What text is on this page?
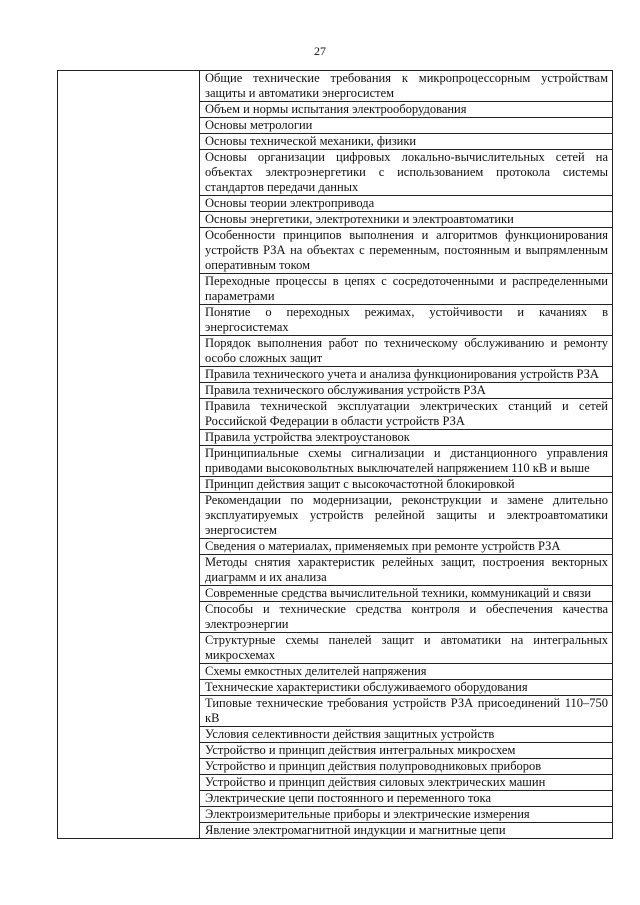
27
	Общие технические требования к микропроцессорным устройствам защиты и автоматики энергосистем
Объем и нормы испытания электрооборудования
Основы метрологии
Основы технической механики, физики
Основы организации цифровых локально-вычислительных сетей на объектах электроэнергетики с использованием протокола системы стандартов передачи данных
Основы теории электропривода
Основы энергетики, электротехники и электроавтоматики
Особенности принципов выполнения и алгоритмов функционирования устройств РЗА на объектах с переменным, постоянным и выпрямленным оперативным током
Переходные процессы в цепях с сосредоточенными и распределенными параметрами
Понятие о переходных режимах, устойчивости и качаниях в энергосистемах
Порядок выполнения работ по техническому обслуживанию и ремонту особо сложных защит
Правила технического учета и анализа функционирования устройств РЗА
Правила технического обслуживания устройств РЗА
Правила технической эксплуатации электрических станций и сетей Российской Федерации в области устройств РЗА
Правила устройства электроустановок
Принципиальные схемы сигнализации и дистанционного управления приводами высоковольтных выключателей напряжением 110 кВ и выше
Принцип действия защит с высокочастотной блокировкой
Рекомендации по модернизации, реконструкции и замене длительно эксплуатируемых устройств релейной защиты и электроавтоматики энергосистем
Сведения о материалах, применяемых при ремонте устройств РЗА
Методы снятия характеристик релейных защит, построения векторных диаграмм и их анализа
Современные средства вычислительной техники, коммуникаций и связи
Способы и технические средства контроля и обеспечения качества электроэнергии
Структурные схемы панелей защит и автоматики на интегральных микросхемах
Схемы емкостных делителей напряжения
Технические характеристики обслуживаемого оборудования
Типовые технические требования устройств РЗА присоединений 110–750 кВ
Условия селективности действия защитных устройств
Устройство и принцип действия интегральных микросхем
Устройство и принцип действия полупроводниковых приборов
Устройство и принцип действия силовых электрических машин
Электрические цепи постоянного и переменного тока
Электроизмерительные приборы и электрические измерения
Явление электромагнитной индукции и магнитные цепи
